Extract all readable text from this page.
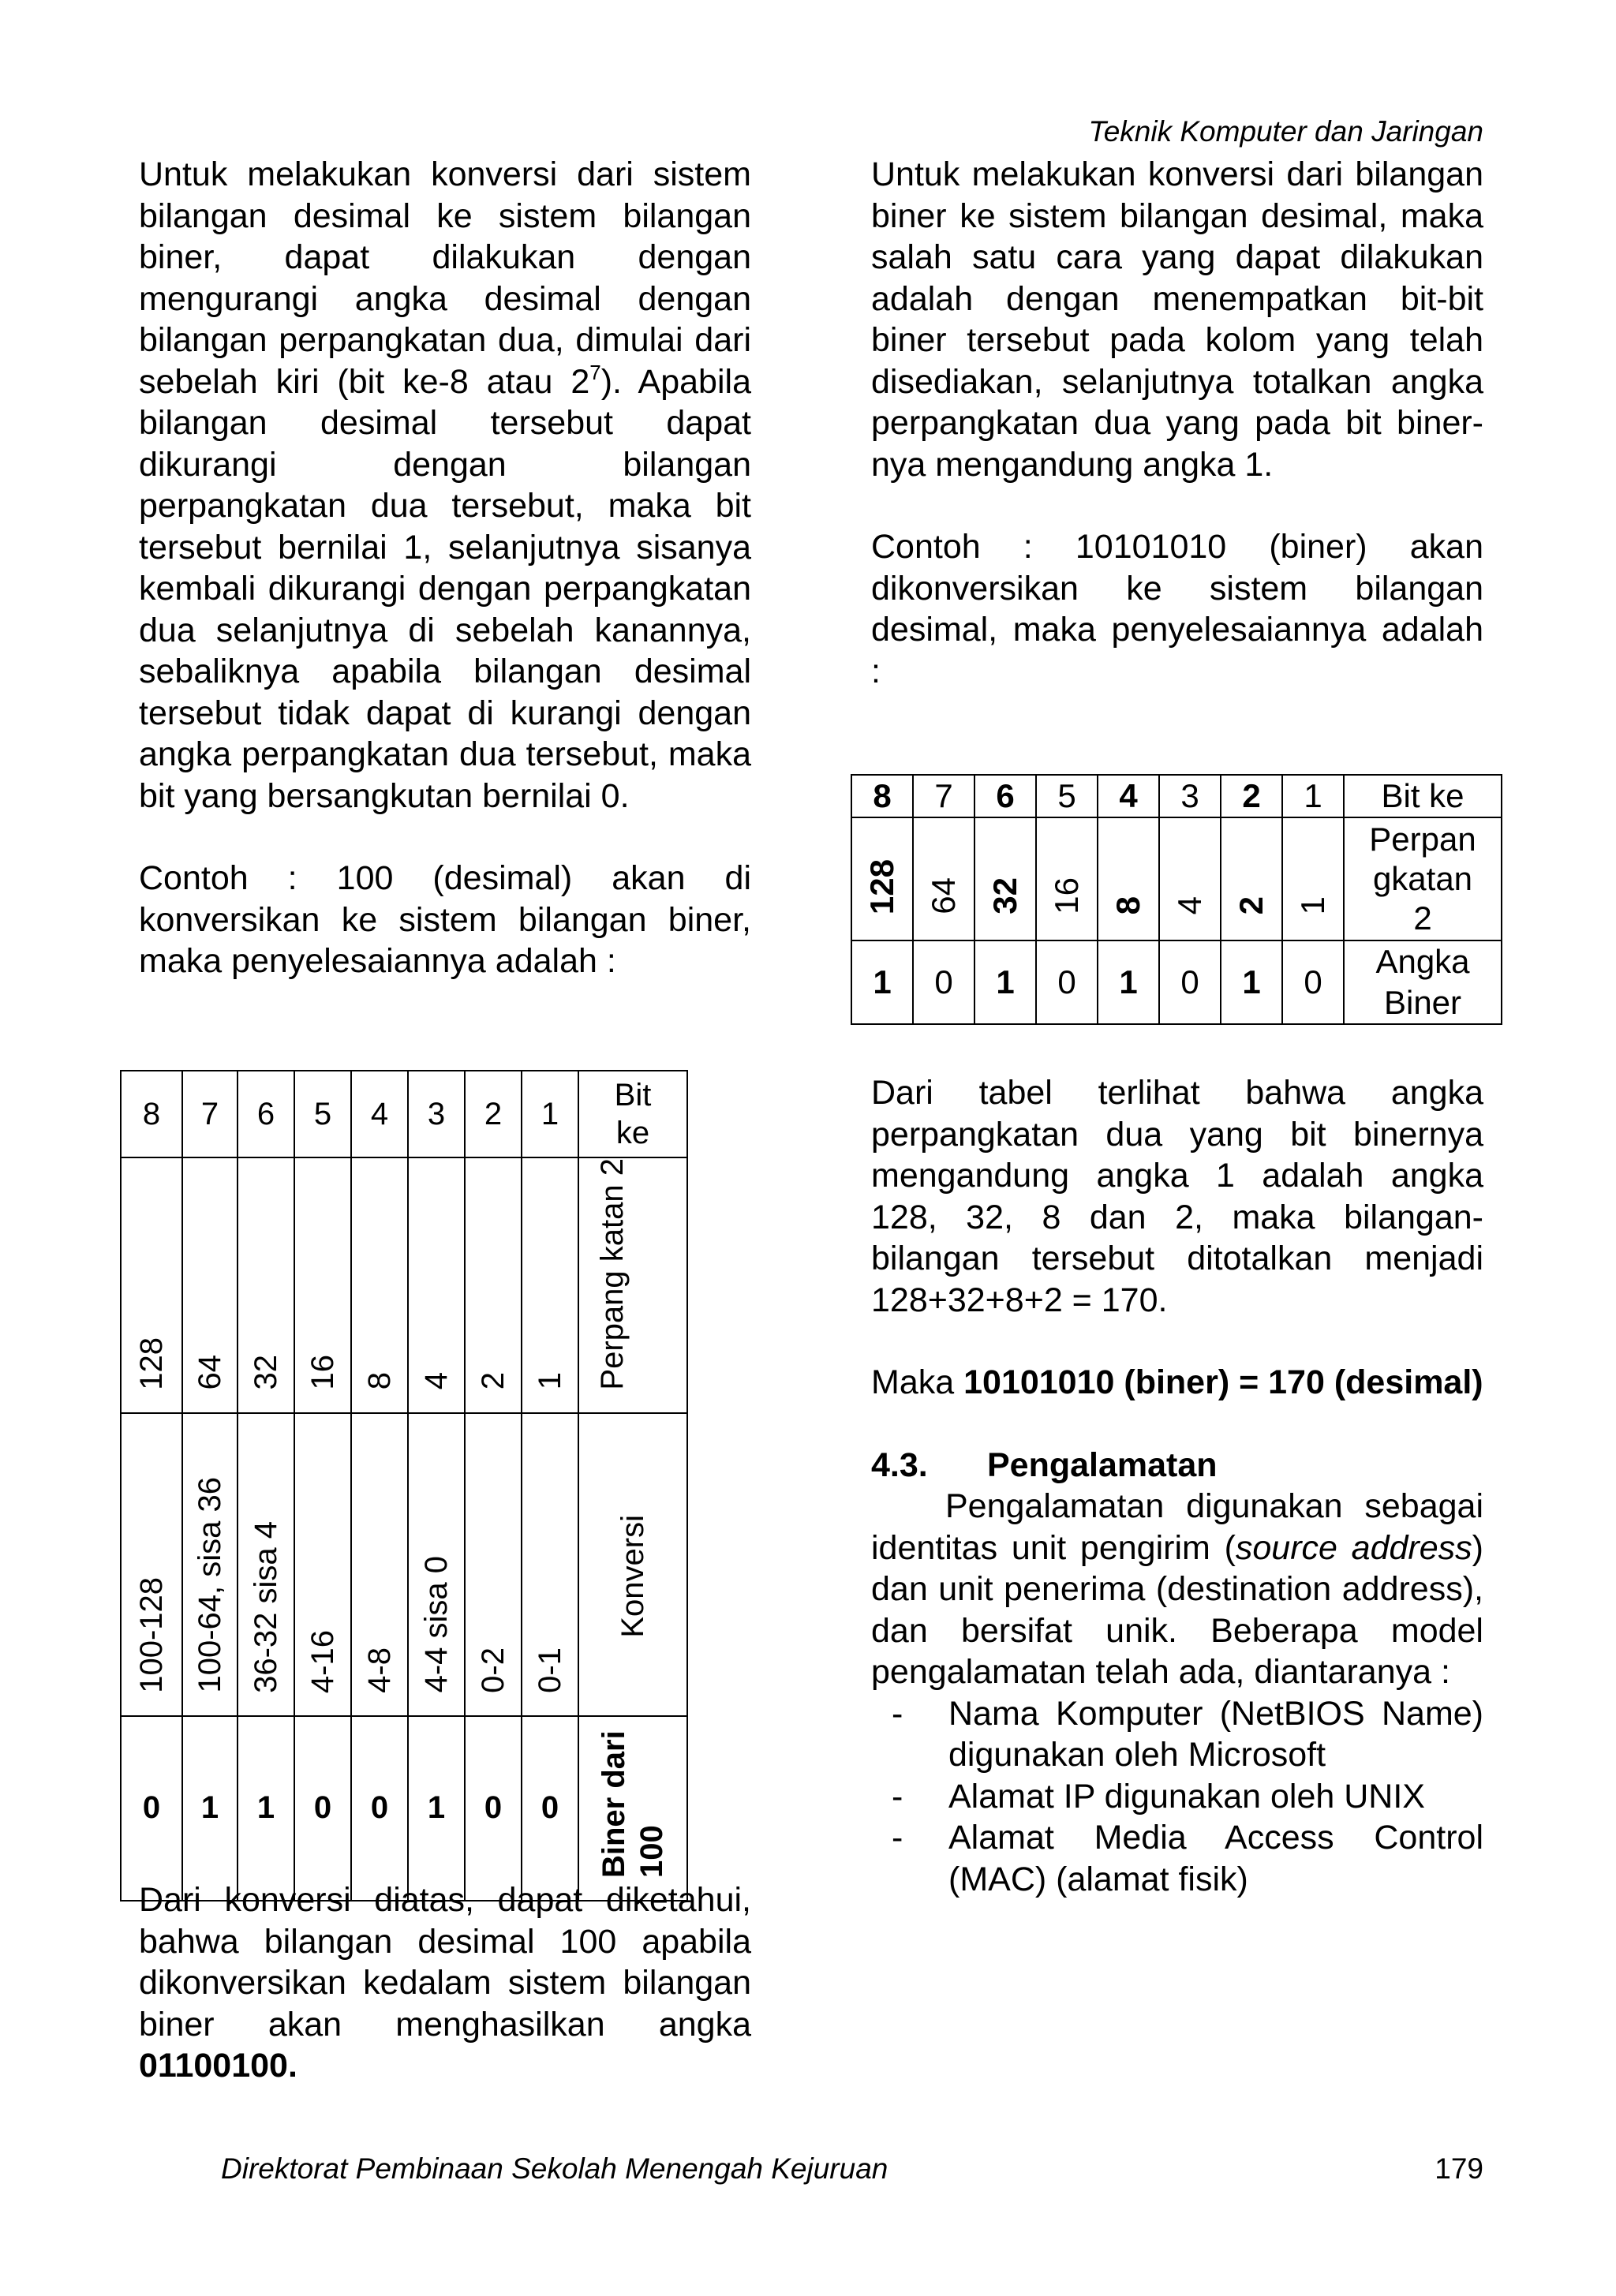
Teknik Komputer dan Jaringan

Untuk melakukan konversi dari sistem bilangan desimal ke sistem bilangan biner, dapat dilakukan dengan mengurangi angka desimal dengan bilangan perpangkatan dua, dimulai dari sebelah kiri (bit ke-8 atau $2^7$). Apabila bilangan desimal tersebut dapat dikurangi dengan bilangan perpangkatan dua tersebut, maka bit tersebut bernilai 1, selanjutnya sisanya kembali dikurangi dengan perpangkatan dua selanjutnya di sebelah kanannya, sebaliknya apabila bilangan desimal tersebut tidak dapat di kurangi dengan angka perpangkatan dua tersebut, maka bit yang bersangkutan bernilai 0.

Contoh : 100 (desimal) akan di konversikan ke sistem bilangan biner, maka penyelesaiannya adalah :

8	7	6	5	4	3	2	1	Bit ke
128	64	32	16	8	4	2	1	Perpang katan 2
100-128	100-64, sisa 36	36-32 sisa 4	4-16	4-8	4-4 sisa 0	0-2	0-1	Konversi
0	1	1	0	0	1	0	0	Biner dari 100

Dari konversi diatas, dapat diketahui, bahwa bilangan desimal 100 apabila dikonversikan kedalam sistem bilangan biner akan menghasilkan angka 01100100.

Untuk melakukan konversi dari bilangan biner ke sistem bilangan desimal, maka salah satu cara yang dapat dilakukan adalah dengan menempatkan bit-bit biner tersebut pada kolom yang telah disediakan, selanjutnya totalkan angka perpangkatan dua yang pada bit biner-nya mengandung angka 1.

Contoh : 10101010 (biner) akan dikonversikan ke sistem bilangan desimal, maka penyelesaiannya adalah :

8	7	6	5	4	3	2	1	Bit ke
128	64	32	16	8	4	2	1	Perpan gkatan 2
1	0	1	0	1	0	1	0	Angka Biner

Dari tabel terlihat bahwa angka perpangkatan dua yang bit binernya mengandung angka 1 adalah angka 128, 32, 8 dan 2, maka bilangan-bilangan tersebut ditotalkan menjadi 128+32+8+2 = 170.

Maka 10101010 (biner) = 170 (desimal)

4.3. Pengalamatan

Pengalamatan digunakan sebagai identitas unit pengirim (source address) dan unit penerima (destination address), dan bersifat unik. Beberapa model pengalamatan telah ada, diantaranya :

- Nama Komputer (NetBIOS Name) digunakan oleh Microsoft
- Alamat IP digunakan oleh UNIX
- Alamat Media Access Control (MAC) (alamat fisik)
Direktorat Pembinaan Sekolah Menengah Kejuruan	179
